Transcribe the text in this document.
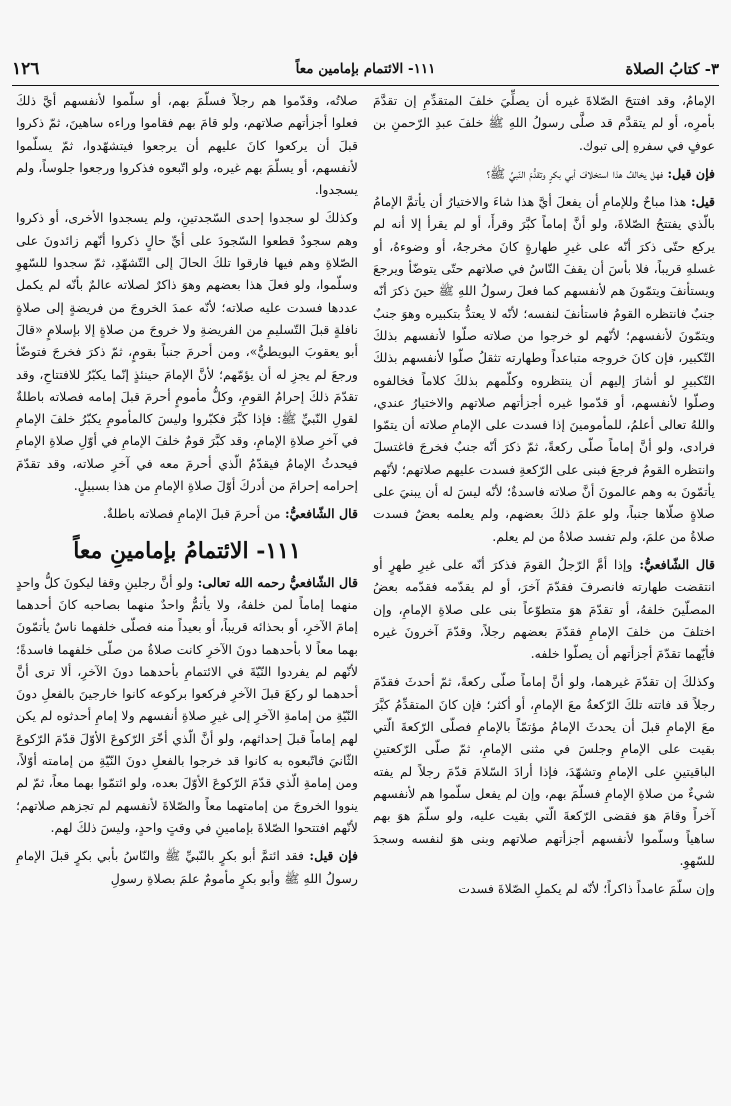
٣- كتابُ الصلاة
١١١- الائتمام بإمامين معاً
١٢٦

الإمامُ، وقد افتتحَ الصّلاةَ غيره أن يصلِّيَ خلفَ المتقدِّمِ إن تقدَّمَ بأمرِه، أو لم يتقدَّم قد صلَّى رسولُ اللهِ ﷺ خلفَ عبدِ الرّحمنِ بن عوفٍ في سفرهِ إلى تبوك.

فإن قيل: فهل يخالفُ هذا استخلافَ أبي بكرٍ وتقدُّمَ النّبيِّ ﷺ؟

قيل: هذا مباحٌ وللإمامِ أن يفعلَ أيَّ هذا شاءَ والاختيارُ أن يأتمَّ الإمامُ بالّذي يفتتحُ الصّلاةَ، ولو أنَّ إماماً كبَّرَ وقرأَ، أو لم يقرأ إلا أنه لم يركع حتّى ذكرَ أنّه على غيرِ طهارةٍ كانَ مخرجهُ، أو وضوءهُ، أو غسلهِ قريباً، فلا بأسَ أن يقفَ النّاسُ في صلاتهم حتّى يتوضّأ ويرجعَ ويستأنفَ ويتمّونَ هم لأنفسهم كما فعلَ رسولُ اللهِ ﷺ حينَ ذكرَ أنّه جنبٌ فانتظره القومُ فاستأنفَ لنفسه؛ لأنّه لا يعتدُّ بتكبيره وهوَ جنبٌ ويتمّونَ لأنفسهم؛ لأنّهم لو خرجوا من صلاته صلّوا لأنفسهم بذلكَ التّكبير، فإن كانَ خروجه متباعداً وطهارته تثقلُ صلّوا لأنفسهم بذلكَ التّكبيرِ لو أشارَ إليهم أن ينتظروه وكلّمهم بذلكَ كلاماً فخالفوه وصلّوا لأنفسهم، أو قدّموا غيره أجزأتهم صلاتهم والاختيارُ عندي، واللهُ تعالى أعلمُ، للمأمومينَ إذا فسدت على الإمامِ صلاته أن يتمّوا فرادى، ولو أنَّ إماماً صلّى ركعةً، ثمّ ذكرَ أنّه جنبٌ فخرجَ فاغتسلَ وانتظره القومُ فرجعَ فبنى على الرّكعةِ فسدت عليهم صلاتهم؛ لأنّهم يأتمّونَ به وهم عالمونَ أنَّ صلاته فاسدةٌ؛ لأنّه ليسَ له أن يبنيَ على صلاةٍ صلّاها جنباً، ولو علمَ ذلكَ بعضهم، ولم يعلمه بعضٌ فسدت صلاةُ من علمَ، ولم تفسد صلاةُ من لم يعلم.

قال الشّافعيُّ: وإذا أمَّ الرّجلُ القومَ فذكرَ أنّه على غيرِ طهرٍ أو انتقضت طهارته فانصرفَ فقدّمَ آخرَ، أو لم يقدّمه فقدّمه بعضُ المصلّينَ خلفهُ، أو تقدّمَ هوَ متطوّعاً بنى على صلاةِ الإمامِ، وإن اختلفَ من خلفَ الإمامِ فقدّمَ بعضهم رجلاً، وقدّمَ آخرونَ غيره فأيّهما تقدّمَ أجزأتهم أن يصلّوا خلفه.

وكذلكَ إن تقدّمَ غيرهما، ولو أنَّ إماماً صلّى ركعةً، ثمّ أحدثَ فقدّمَ رجلاً قد فاتته تلكَ الرّكعةُ معَ الإمامِ، أو أكثر؛ فإن كانَ المتقدِّمُ كبَّرَ معَ الإمامِ قبلَ أن يحدثَ الإمامُ مؤتمّاً بالإمامِ فصلّى الرّكعةَ الّتي بقيت على الإمامِ وجلسَ في مثنى الإمامِ، ثمّ صلّى الرّكعتينِ الباقيتينِ على الإمامِ وتشهّدَ، فإذا أرادَ السّلامَ قدّمَ رجلاً لم يفته شيءٌ من صلاةِ الإمامِ فسلّمَ بهم، وإن لم يفعل سلّموا هم لأنفسهم آخراً وقامَ هوَ فقضى الرّكعةَ الّتي بقيت عليه، ولو سلّمَ هوَ بهم ساهياً وسلّموا لأنفسهم أجزأتهم صلاتهم وبنى هوَ لنفسه وسجدَ للسّهوِ.

وإن سلّمَ عامداً ذاكراً؛ لأنّه لم يكملِ الصّلاةَ فسدت

صلاتُه، وقدّموا هم رجلاً فسلّمَ بهم، أو سلّموا لأنفسهم أيَّ ذلكَ فعلوا أجزأتهم صلاتهم، ولو قامَ بهم فقاموا وراءه ساهينَ، ثمّ ذكروا قبلَ أن يركعوا كانَ عليهم أن يرجعوا فيتشهّدوا، ثمّ يسلّموا لأنفسهم، أو يسلّمَ بهم غيره، ولو اتّبعوه فذكروا ورجعوا جلوساً، ولم يسجدوا.

وكذلكَ لو سجدوا إحدى السّجدتينِ، ولم يسجدوا الأخرى، أو ذكروا وهم سجودٌ قطعوا السّجودَ على أيِّ حالٍ ذكروا أنّهم زائدونَ على الصّلاةِ وهم فيها فارقوا تلكَ الحالَ إلى التّشهّدِ، ثمّ سجدوا للسّهوِ وسلّموا، ولو فعلَ هذا بعضهم وهوَ ذاكرٌ لصلاته عالمٌ بأنّه لم يكمل عددها فسدت عليه صلاته؛ لأنّه عمدَ الخروجَ من فريضةٍ إلى صلاةٍ نافلةٍ قبلَ التّسليمِ من الفريضةِ ولا خروجَ من صلاةٍ إلا بإسلامٍ «قالَ أبو يعقوبَ البويطيُّ»، ومن أحرمَ جنباً بقومٍ، ثمّ ذكرَ فخرجَ فتوضّأ ورجعَ لم يجزِ له أن يؤمّهم؛ لأنَّ الإمامَ حينئذٍ إنّما يكبّرُ للافتتاحِ، وقد تقدّمَ ذلكَ إحرامُ القومِ، وكلُّ مأمومٍ أحرمَ قبلَ إمامه فصلاته باطلةٌ لقولِ النّبيِّ ﷺ: فإذا كبَّرَ فكبّروا وليسَ كالمأمومِ يكبّرُ خلفَ الإمامِ في آخرِ صلاةِ الإمامِ، وقد كبَّرَ قومٌ خلفَ الإمامِ في أوّلِ صلاةِ الإمامِ فيحدثُ الإمامُ فيقدّمُ الّذي أحرمَ معه في آخرِ صلاته، وقد تقدّمَ إحرامه إحرامَ من أدركَ أوّلَ صلاةِ الإمامِ من هذا بسبيلٍ.

قال الشّافعيُّ: من أحرمَ قبلَ الإمامِ فصلاته باطلةٌ.

١١١- الائتمامُ بإمامينِ معاً

قال الشّافعيُّ رحمه الله تعالى: ولو أنَّ رجلينِ وقفا ليكونَ كلُّ واحدٍ منهما إماماً لمن خلفهُ، ولا يأتمُّ واحدٌ منهما بصاحبه كانَ أحدهما إمامَ الآخرِ، أو بحذائه قريباً، أو بعيداً منه فصلّى خلفهما ناسٌ يأتمّونَ بهما معاً لا بأحدهما دونَ الآخرِ كانت صلاةُ من صلّى خلفهما فاسدةً؛ لأنّهم لم يفردوا النّيّةَ في الائتمامِ بأحدهما دونَ الآخرِ، ألا ترى أنَّ أحدهما لو ركعَ قبلَ الآخرِ فركعوا بركوعه كانوا خارجينَ بالفعلِ دونَ النّيّةِ من إمامةِ الآخرِ إلى غيرِ صلاةِ أنفسهم ولا إمامِ أحدثوه لم يكن لهم إماماً قبلَ إحداثهم، ولو أنَّ الّذي أخّرَ الرّكوعَ الأوّلَ قدّمَ الرّكوعَ الثّانيَ فاتّبعوه به كانوا قد خرجوا بالفعلِ دونَ النّيّةِ من إمامته أوّلاً، ومن إمامةِ الّذي قدّمَ الرّكوعَ الأوّلَ بعده، ولو ائتمّوا بهما معاً، ثمّ لم ينووا الخروجَ من إمامتهما معاً والصّلاةَ لأنفسهم لم تجزهم صلاتهم؛ لأنّهم افتتحوا الصّلاةَ بإمامينِ في وقتٍ واحدٍ، وليسَ ذلكَ لهم.

فإن قيل: فقد ائتمَّ أبو بكرٍ بالنّبيِّ ﷺ والنّاسُ بأبي بكرٍ قبلَ الإمامِ رسولُ اللهِ ﷺ وأبو بكرٍ مأمومٌ علمَ بصلاةِ رسولِ
